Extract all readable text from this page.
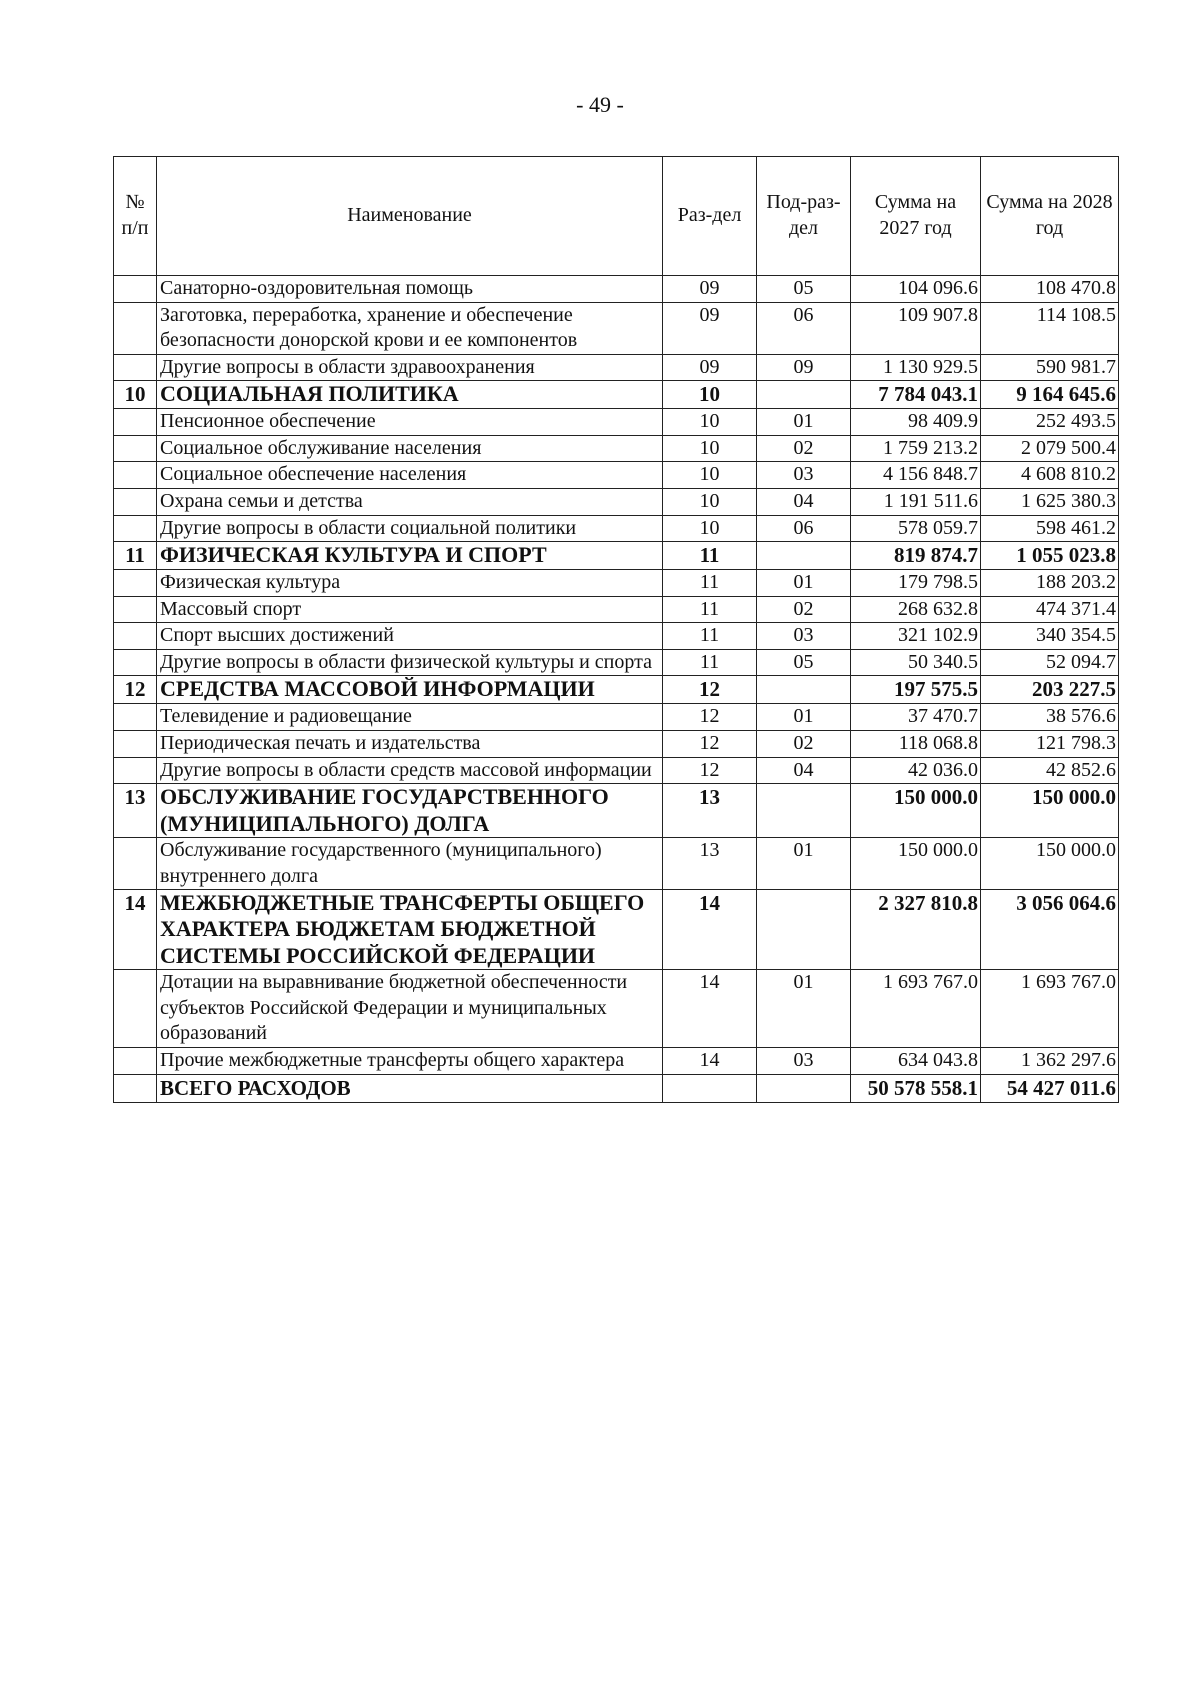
- 49 -
№ п/п	Наименование	Раз-дел	Под-раз-дел	Сумма на 2027 год	Сумма на 2028 год
	Санаторно-оздоровительная помощь	09	05	104 096.6	108 470.8
	Заготовка, переработка, хранение и обеспечение безопасности донорской крови и ее компонентов	09	06	109 907.8	114 108.5
	Другие вопросы в области здравоохранения	09	09	1 130 929.5	590 981.7
10	СОЦИАЛЬНАЯ ПОЛИТИКА	10		7 784 043.1	9 164 645.6
	Пенсионное обеспечение	10	01	98 409.9	252 493.5
	Социальное обслуживание населения	10	02	1 759 213.2	2 079 500.4
	Социальное обеспечение населения	10	03	4 156 848.7	4 608 810.2
	Охрана семьи и детства	10	04	1 191 511.6	1 625 380.3
	Другие вопросы в области социальной политики	10	06	578 059.7	598 461.2
11	ФИЗИЧЕСКАЯ КУЛЬТУРА И СПОРТ	11		819 874.7	1 055 023.8
	Физическая культура	11	01	179 798.5	188 203.2
	Массовый спорт	11	02	268 632.8	474 371.4
	Спорт высших достижений	11	03	321 102.9	340 354.5
	Другие вопросы в области физической культуры и спорта	11	05	50 340.5	52 094.7
12	СРЕДСТВА МАССОВОЙ ИНФОРМАЦИИ	12		197 575.5	203 227.5
	Телевидение и радиовещание	12	01	37 470.7	38 576.6
	Периодическая печать и издательства	12	02	118 068.8	121 798.3
	Другие вопросы в области средств массовой информации	12	04	42 036.0	42 852.6
13	ОБСЛУЖИВАНИЕ ГОСУДАРСТВЕННОГО (МУНИЦИПАЛЬНОГО) ДОЛГА	13		150 000.0	150 000.0
	Обслуживание государственного (муниципального) внутреннего долга	13	01	150 000.0	150 000.0
14	МЕЖБЮДЖЕТНЫЕ ТРАНСФЕРТЫ ОБЩЕГО ХАРАКТЕРА БЮДЖЕТАМ БЮДЖЕТНОЙ СИСТЕМЫ РОССИЙСКОЙ ФЕДЕРАЦИИ	14		2 327 810.8	3 056 064.6
	Дотации на выравнивание бюджетной обеспеченности субъектов Российской Федерации и муниципальных образований	14	01	1 693 767.0	1 693 767.0
	Прочие межбюджетные трансферты общего характера	14	03	634 043.8	1 362 297.6
	ВСЕГО РАСХОДОВ			50 578 558.1	54 427 011.6
